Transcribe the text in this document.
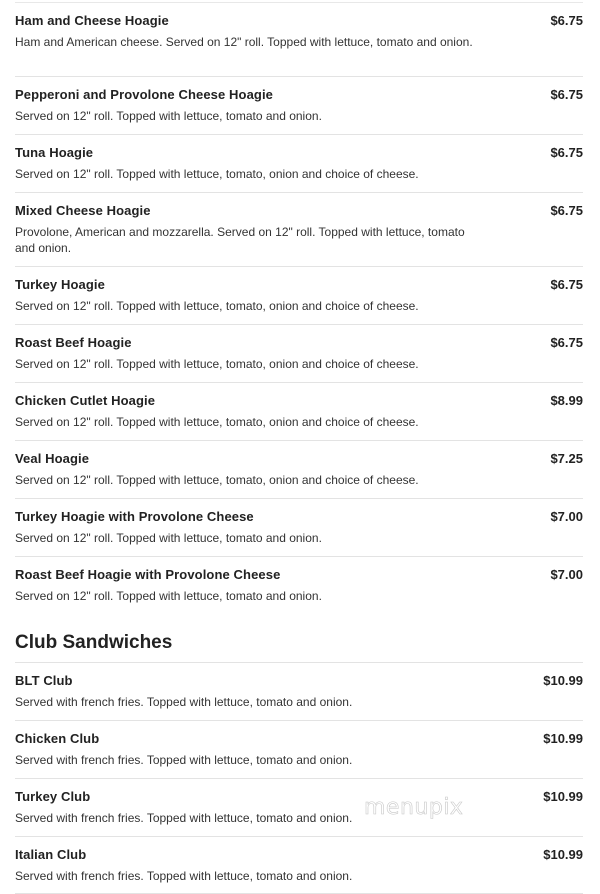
Ham and Cheese Hoagie
Ham and American cheese. Served on 12" roll. Topped with lettuce, tomato and onion.
$6.75
Pepperoni and Provolone Cheese Hoagie
Served on 12" roll. Topped with lettuce, tomato and onion.
$6.75
Tuna Hoagie
Served on 12" roll. Topped with lettuce, tomato, onion and choice of cheese.
$6.75
Mixed Cheese Hoagie
Provolone, American and mozzarella. Served on 12" roll. Topped with lettuce, tomato and onion.
$6.75
Turkey Hoagie
Served on 12" roll. Topped with lettuce, tomato, onion and choice of cheese.
$6.75
Roast Beef Hoagie
Served on 12" roll. Topped with lettuce, tomato, onion and choice of cheese.
$6.75
Chicken Cutlet Hoagie
Served on 12" roll. Topped with lettuce, tomato, onion and choice of cheese.
$8.99
Veal Hoagie
Served on 12" roll. Topped with lettuce, tomato, onion and choice of cheese.
$7.25
Turkey Hoagie with Provolone Cheese
Served on 12" roll. Topped with lettuce, tomato and onion.
$7.00
Roast Beef Hoagie with Provolone Cheese
Served on 12" roll. Topped with lettuce, tomato and onion.
$7.00
Club Sandwiches
BLT Club
Served with french fries. Topped with lettuce, tomato and onion.
$10.99
Chicken Club
Served with french fries. Topped with lettuce, tomato and onion.
$10.99
Turkey Club
Served with french fries. Topped with lettuce, tomato and onion.
$10.99
Italian Club
Served with french fries. Topped with lettuce, tomato and onion.
$10.99
menupix
